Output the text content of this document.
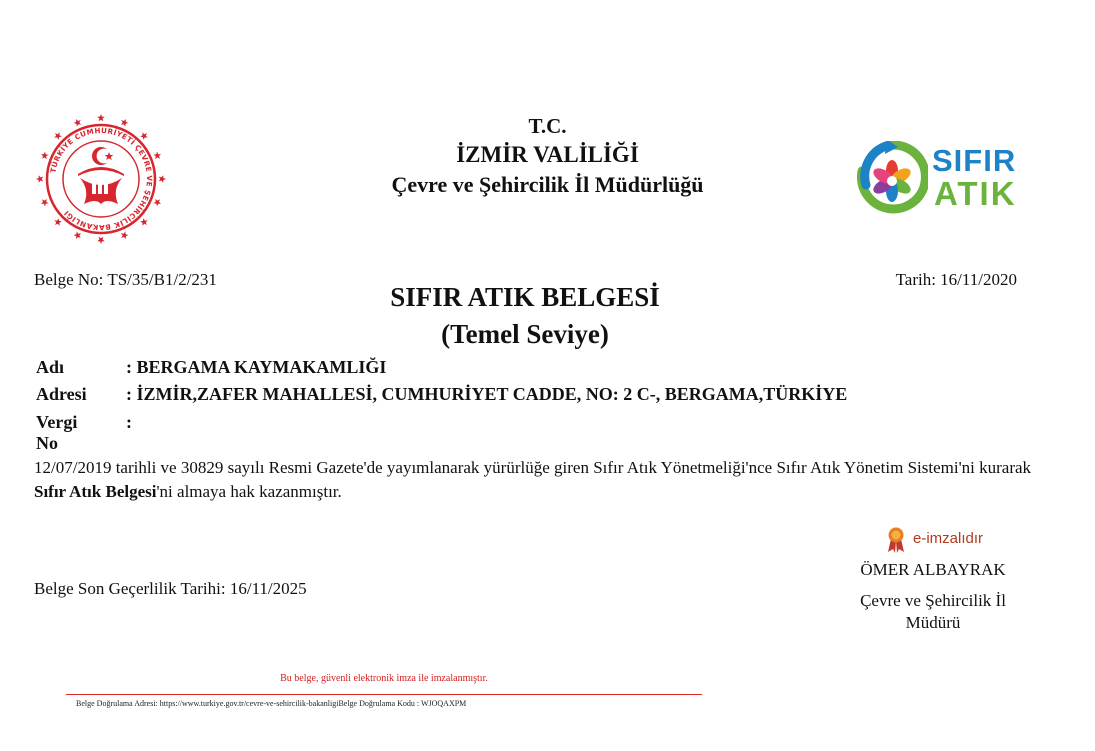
TÜRKİYE CUMHURİYETİ ÇEVRE VE ŞEHİRCİLİK BAKANLIĞI
T.C.
İZMİR VALİLİĞİ
Çevre ve Şehircilik İl Müdürlüğü
SIFIR
ATIK
Belge No: TS/35/B1/2/231	Tarih: 16/11/2020
SIFIR ATIK BELGESİ
(Temel Seviye)
Adı	: BERGAMA KAYMAKAMLIĞI
Adresi : İZMİR,ZAFER MAHALLESİ, CUMHURİYET CADDE, NO: 2 C-, BERGAMA,TÜRKİYE
Vergi No
:
12/07/2019 tarihli ve 30829 sayılı Resmi Gazete'de yayımlanarak yürürlüğe giren Sıfır Atık Yönetmeliği'nce Sıfır Atık Yönetim Sistemi'ni kurarak Sıfır Atık Belgesi'ni almaya hak kazanmıştır.
Belge Son Geçerlilik Tarihi: 16/11/2025
e-imzalıdır
ÖMER ALBAYRAK
Çevre ve Şehircilik İl
Müdürü
Bu belge, güvenli elektronik imza ile imzalanmıştır.
Belge Doğrulama Adresi: https://www.turkiye.gov.tr/cevre-ve-sehircilik-bakanligiBelge Doğrulama Kodu : WJOQAXPM
